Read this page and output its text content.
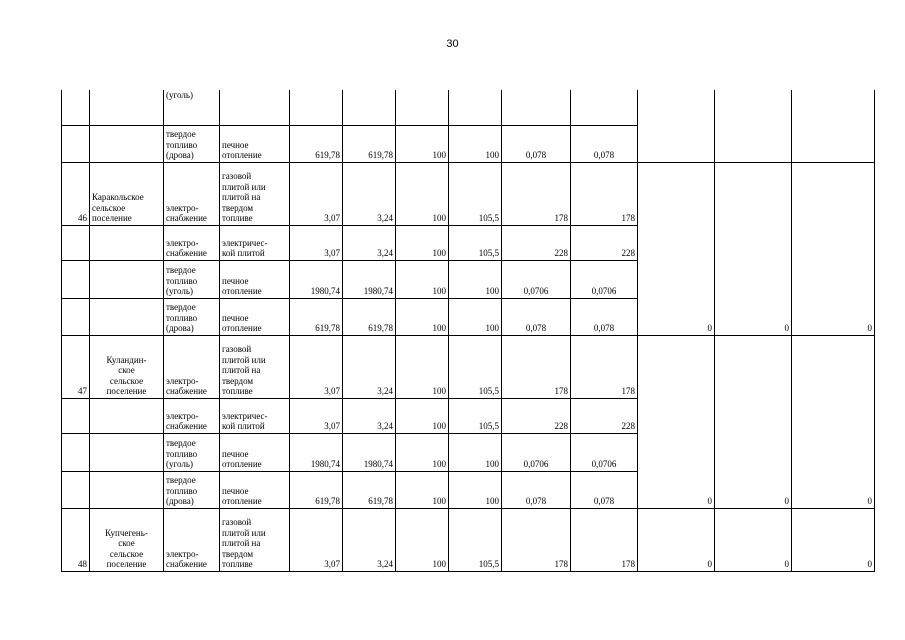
30

		(уголь)										

		твердое
топливо
(дрова)	печное
отопление	619,78	619,78	100	100	0,078	0,078			
46	Каракольское
сельское
поселение	электро-
снабжение	газовой
плитой или
плитой на
твердом
топливе	3,07	3,24	100	105,5	178	178	0	0	0

		электро-
снабжение	электричес-
кой плитой	3,07	3,24	100	105,5	228	228			

		твердое
топливо
(уголь)	печное
отопление	1980,74	1980,74	100	100	0,0706	0,0706			

		твердое
топливо
(дрова)	печное
отопление	619,78	619,78	100	100	0,078	0,078			
47	Куландин-
ское
сельское
поселение	электро-
снабжение	газовой
плитой или
плитой на
твердом
топливе	3,07	3,24	100	105,5	178	178	0	0	0

		электро-
снабжение	электричес-
кой плитой	3,07	3,24	100	105,5	228	228			

		твердое
топливо
(уголь)	печное
отопление	1980,74	1980,74	100	100	0,0706	0,0706			

		твердое
топливо
(дрова)	печное
отопление	619,78	619,78	100	100	0,078	0,078			
48	Купчегень-
ское
сельское
поселение	электро-
снабжение	газовой
плитой или
плитой на
твердом
топливе	3,07	3,24	100	105,5	178	178	0	0	0
